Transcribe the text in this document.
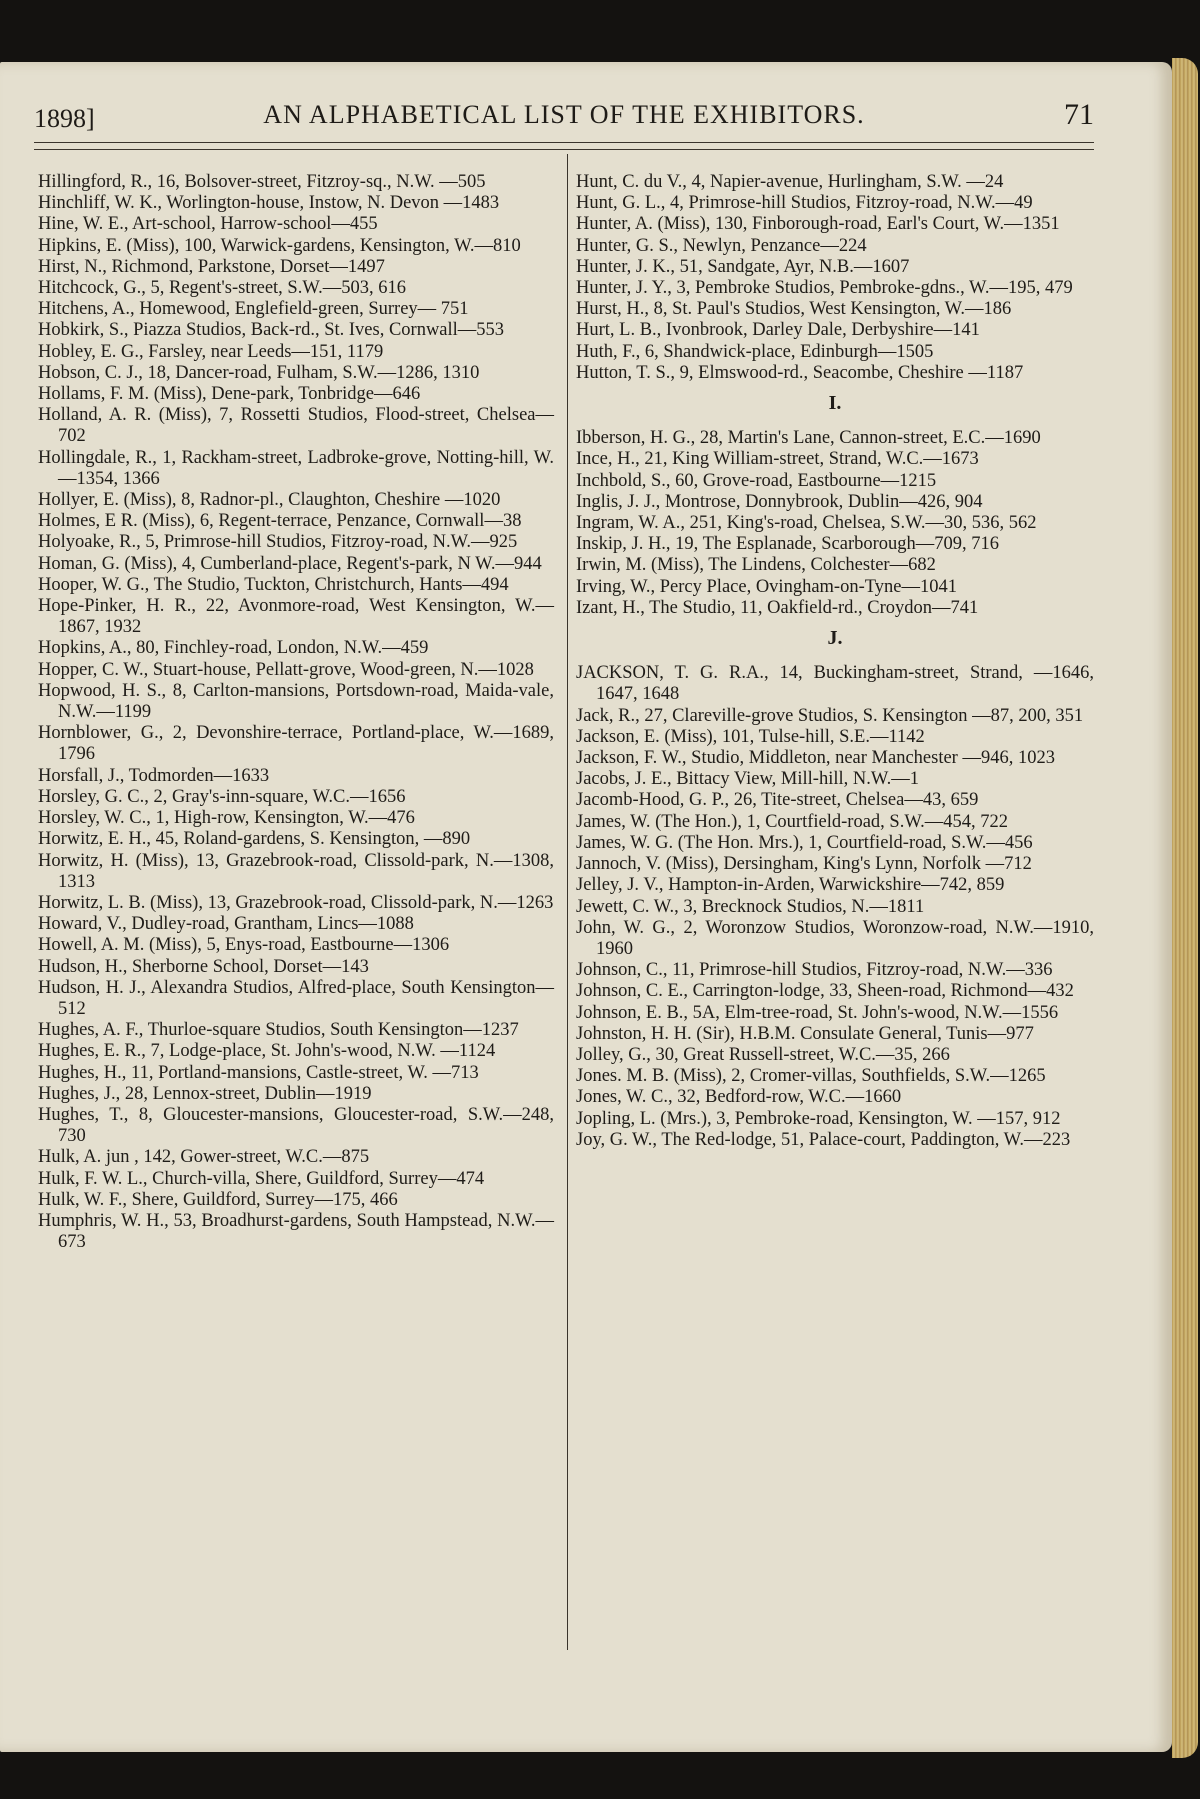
1898]	AN ALPHABETICAL LIST OF THE EXHIBITORS.	71

Hillingford, R., 16, Bolsover-street, Fitzroy-sq., N.W. —505

Hinchliff, W. K., Worlington-house, Instow, N. Devon —1483

Hine, W. E., Art-school, Harrow-school—455

Hipkins, E. (Miss), 100, Warwick-gardens, Kensington, W.—810

Hirst, N., Richmond, Parkstone, Dorset—1497

Hitchcock, G., 5, Regent's-street, S.W.—503, 616

Hitchens, A., Homewood, Englefield-green, Surrey— 751

Hobkirk, S., Piazza Studios, Back-rd., St. Ives, Cornwall—553

Hobley, E. G., Farsley, near Leeds—151, 1179

Hobson, C. J., 18, Dancer-road, Fulham, S.W.—1286, 1310

Hollams, F. M. (Miss), Dene-park, Tonbridge—646

Holland, A. R. (Miss), 7, Rossetti Studios, Flood-street, Chelsea—702

Hollingdale, R., 1, Rackham-street, Ladbroke-grove, Notting-hill, W.—1354, 1366

Hollyer, E. (Miss), 8, Radnor-pl., Claughton, Cheshire —1020

Holmes, E R. (Miss), 6, Regent-terrace, Penzance, Cornwall—38

Holyoake, R., 5, Primrose-hill Studios, Fitzroy-road, N.W.—925

Homan, G. (Miss), 4, Cumberland-place, Regent's-park, N W.—944

Hooper, W. G., The Studio, Tuckton, Christchurch, Hants—494

Hope-Pinker, H. R., 22, Avonmore-road, West Kensington, W.—1867, 1932

Hopkins, A., 80, Finchley-road, London, N.W.—459

Hopper, C. W., Stuart-house, Pellatt-grove, Wood-green, N.—1028

Hopwood, H. S., 8, Carlton-mansions, Portsdown-road, Maida-vale, N.W.—1199

Hornblower, G., 2, Devonshire-terrace, Portland-place, W.—1689, 1796

Horsfall, J., Todmorden—1633

Horsley, G. C., 2, Gray's-inn-square, W.C.—1656

Horsley, W. C., 1, High-row, Kensington, W.—476

Horwitz, E. H., 45, Roland-gardens, S. Kensington, —890

Horwitz, H. (Miss), 13, Grazebrook-road, Clissold-park, N.—1308, 1313

Horwitz, L. B. (Miss), 13, Grazebrook-road, Clissold-park, N.—1263

Howard, V., Dudley-road, Grantham, Lincs—1088

Howell, A. M. (Miss), 5, Enys-road, Eastbourne—1306

Hudson, H., Sherborne School, Dorset—143

Hudson, H. J., Alexandra Studios, Alfred-place, South Kensington—512

Hughes, A. F., Thurloe-square Studios, South Kensington—1237

Hughes, E. R., 7, Lodge-place, St. John's-wood, N.W. —1124

Hughes, H., 11, Portland-mansions, Castle-street, W. —713

Hughes, J., 28, Lennox-street, Dublin—1919

Hughes, T., 8, Gloucester-mansions, Gloucester-road, S.W.—248, 730

Hulk, A. jun , 142, Gower-street, W.C.—875

Hulk, F. W. L., Church-villa, Shere, Guildford, Surrey—474

Hulk, W. F., Shere, Guildford, Surrey—175, 466

Humphris, W. H., 53, Broadhurst-gardens, South Hampstead, N.W.—673

Hunt, C. du V., 4, Napier-avenue, Hurlingham, S.W. —24

Hunt, G. L., 4, Primrose-hill Studios, Fitzroy-road, N.W.—49

Hunter, A. (Miss), 130, Finborough-road, Earl's Court, W.—1351

Hunter, G. S., Newlyn, Penzance—224

Hunter, J. K., 51, Sandgate, Ayr, N.B.—1607

Hunter, J. Y., 3, Pembroke Studios, Pembroke-gdns., W.—195, 479

Hurst, H., 8, St. Paul's Studios, West Kensington, W.—186

Hurt, L. B., Ivonbrook, Darley Dale, Derbyshire—141

Huth, F., 6, Shandwick-place, Edinburgh—1505

Hutton, T. S., 9, Elmswood-rd., Seacombe, Cheshire —1187

I.

Ibberson, H. G., 28, Martin's Lane, Cannon-street, E.C.—1690

Ince, H., 21, King William-street, Strand, W.C.—1673

Inchbold, S., 60, Grove-road, Eastbourne—1215

Inglis, J. J., Montrose, Donnybrook, Dublin—426, 904

Ingram, W. A., 251, King's-road, Chelsea, S.W.—30, 536, 562

Inskip, J. H., 19, The Esplanade, Scarborough—709, 716

Irwin, M. (Miss), The Lindens, Colchester—682

Irving, W., Percy Place, Ovingham-on-Tyne—1041

Izant, H., The Studio, 11, Oakfield-rd., Croydon—741

J.

JACKSON, T. G. R.A., 14, Buckingham-street, Strand, —1646, 1647, 1648

Jack, R., 27, Clareville-grove Studios, S. Kensington —87, 200, 351

Jackson, E. (Miss), 101, Tulse-hill, S.E.—1142

Jackson, F. W., Studio, Middleton, near Manchester —946, 1023

Jacobs, J. E., Bittacy View, Mill-hill, N.W.—1

Jacomb-Hood, G. P., 26, Tite-street, Chelsea—43, 659

James, W. (The Hon.), 1, Courtfield-road, S.W.—454, 722

James, W. G. (The Hon. Mrs.), 1, Courtfield-road, S.W.—456

Jannoch, V. (Miss), Dersingham, King's Lynn, Norfolk —712

Jelley, J. V., Hampton-in-Arden, Warwickshire—742, 859

Jewett, C. W., 3, Brecknock Studios, N.—1811

John, W. G., 2, Woronzow Studios, Woronzow-road, N.W.—1910, 1960

Johnson, C., 11, Primrose-hill Studios, Fitzroy-road, N.W.—336

Johnson, C. E., Carrington-lodge, 33, Sheen-road, Richmond—432

Johnson, E. B., 5A, Elm-tree-road, St. John's-wood, N.W.—1556

Johnston, H. H. (Sir), H.B.M. Consulate General, Tunis—977

Jolley, G., 30, Great Russell-street, W.C.—35, 266

Jones. M. B. (Miss), 2, Cromer-villas, Southfields, S.W.—1265

Jones, W. C., 32, Bedford-row, W.C.—1660

Jopling, L. (Mrs.), 3, Pembroke-road, Kensington, W. —157, 912

Joy, G. W., The Red-lodge, 51, Palace-court, Paddington, W.—223
